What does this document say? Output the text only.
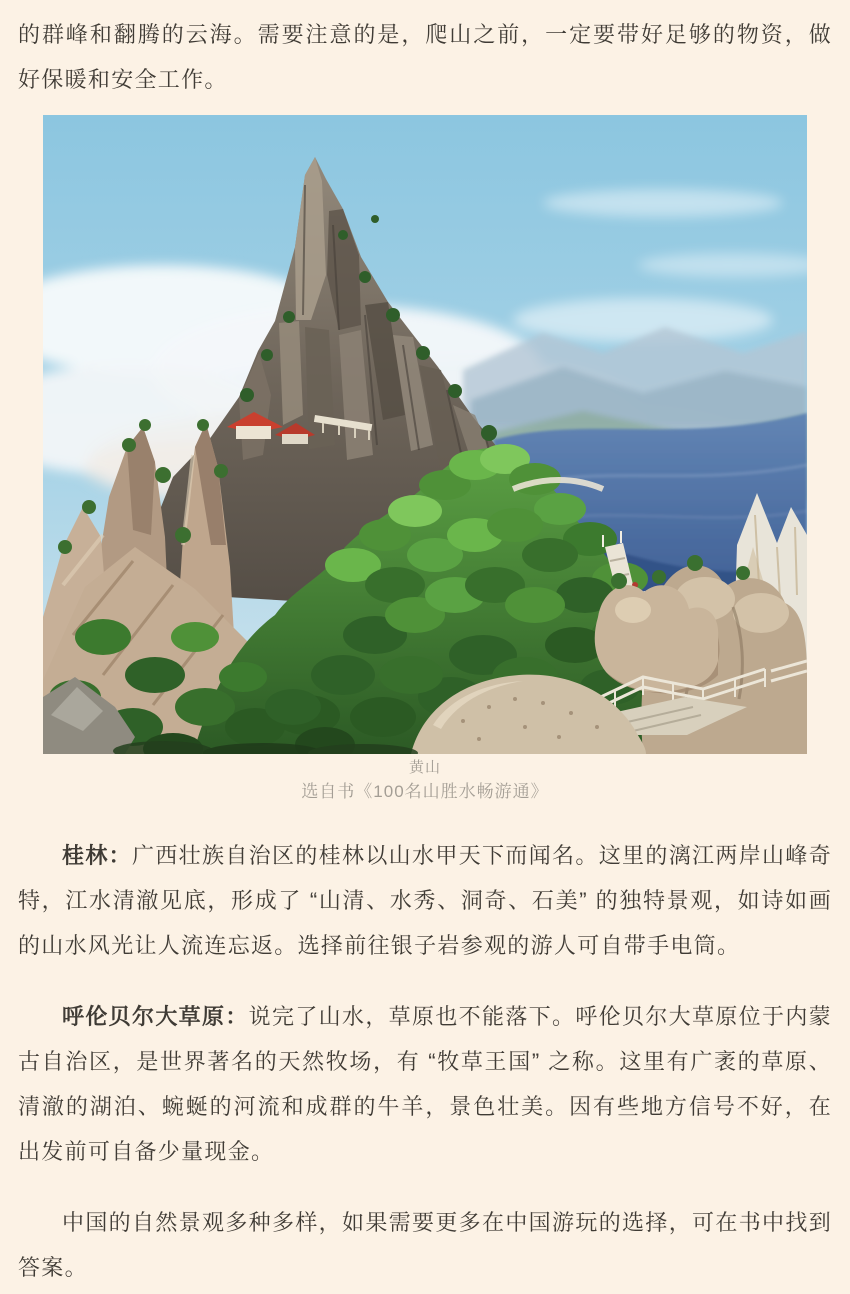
的群峰和翻腾的云海。需要注意的是，爬山之前，一定要带好足够的物资，做好保暖和安全工作。

黄山
选自书《100名山胜水畅游通》

桂林：广西壮族自治区的桂林以山水甲天下而闻名。这里的漓江两岸山峰奇特，江水清澈见底，形成了 “山清、水秀、洞奇、石美” 的独特景观，如诗如画的山水风光让人流连忘返。选择前往银子岩参观的游人可自带手电筒。

呼伦贝尔大草原：说完了山水，草原也不能落下。呼伦贝尔大草原位于内蒙古自治区，是世界著名的天然牧场，有 “牧草王国” 之称。这里有广袤的草原、清澈的湖泊、蜿蜒的河流和成群的牛羊，景色壮美。因有些地方信号不好，在出发前可自备少量现金。

中国的自然景观多种多样，如果需要更多在中国游玩的选择，可在书中找到答案。
